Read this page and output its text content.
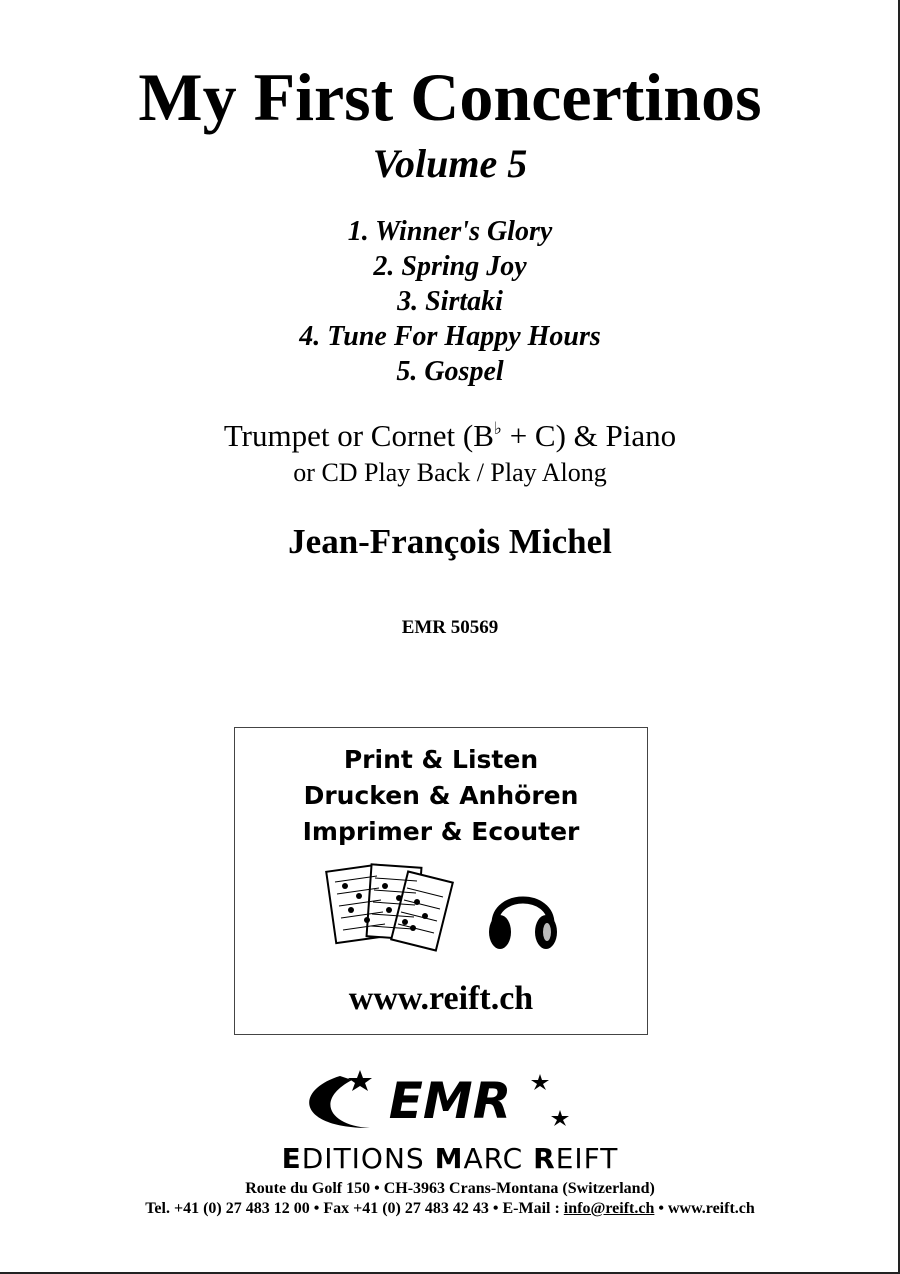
My First Concertinos
Volume 5
1. Winner's Glory
2. Spring Joy
3. Sirtaki
4. Tune For Happy Hours
5. Gospel
Trumpet or Cornet (B♭ + C) & Piano
or CD Play Back / Play Along
Jean-François Michel
EMR 50569
Print & Listen
Drucken & Anhören
Imprimer & Ecouter
www.reift.ch
EMR
EDITIONS MARC REIFT
Route du Golf 150 • CH-3963 Crans-Montana (Switzerland)
Tel. +41 (0) 27 483 12 00 • Fax +41 (0) 27 483 42 43 • E-Mail : info@reift.ch • www.reift.ch
